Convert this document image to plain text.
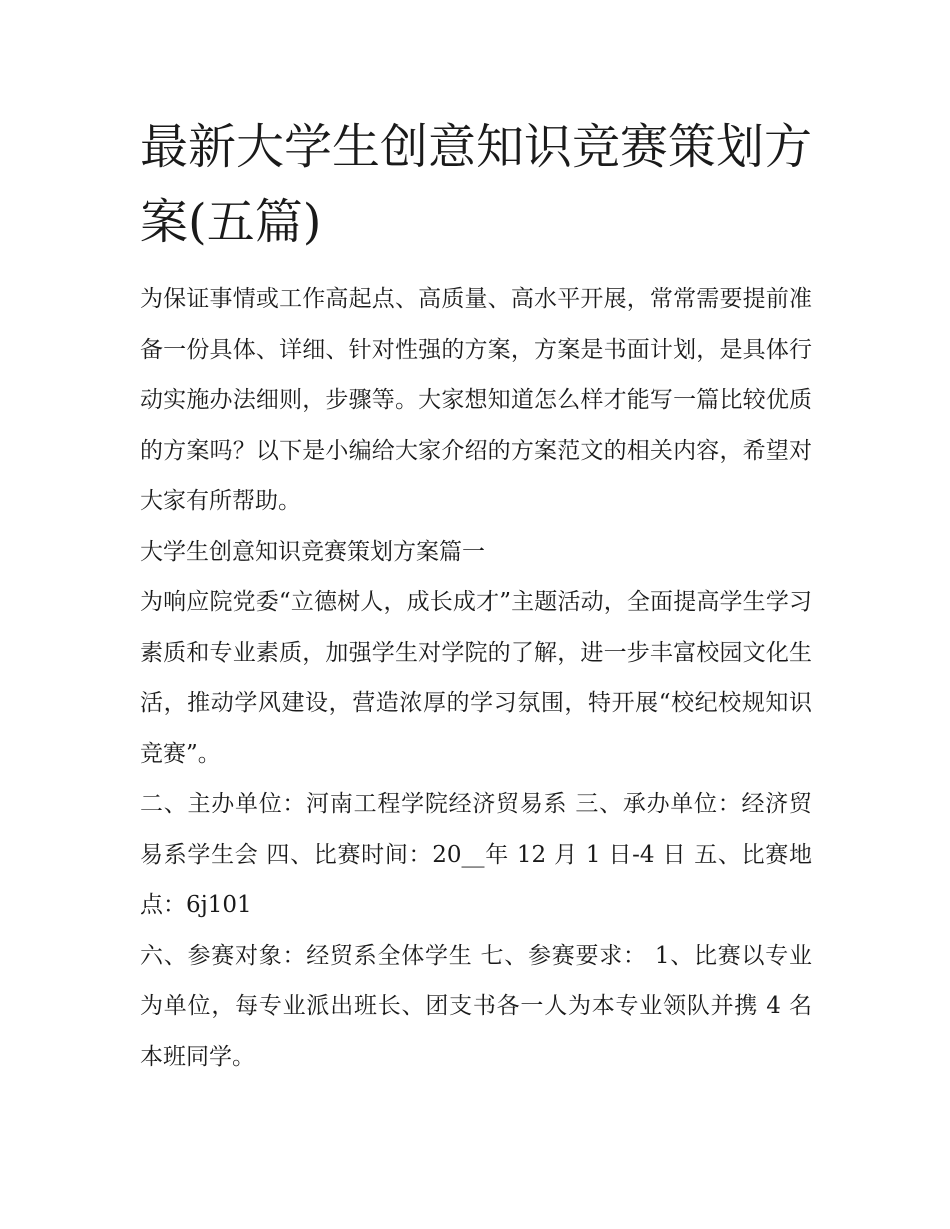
最新大学生创意知识竞赛策划方案(五篇)

为保证事情或工作高起点、高质量、高水平开展，常常需要提前准备一份具体、详细、针对性强的方案，方案是书面计划，是具体行动实施办法细则，步骤等。大家想知道怎么样才能写一篇比较优质的方案吗？以下是小编给大家介绍的方案范文的相关内容，希望对大家有所帮助。

大学生创意知识竞赛策划方案篇一

为响应院党委“立德树人，成长成才”主题活动，全面提高学生学习素质和专业素质，加强学生对学院的了解，进一步丰富校园文化生活，推动学风建设，营造浓厚的学习氛围，特开展“校纪校规知识竞赛”。

二、主办单位：河南工程学院经济贸易系 三、承办单位：经济贸易系学生会 四、比赛时间：20__年 12 月 1 日-4 日 五、比赛地点：6j101

六、参赛对象：经贸系全体学生 七、参赛要求： 1、比赛以专业为单位，每专业派出班长、团支书各一人为本专业领队并携 4 名本班同学。
